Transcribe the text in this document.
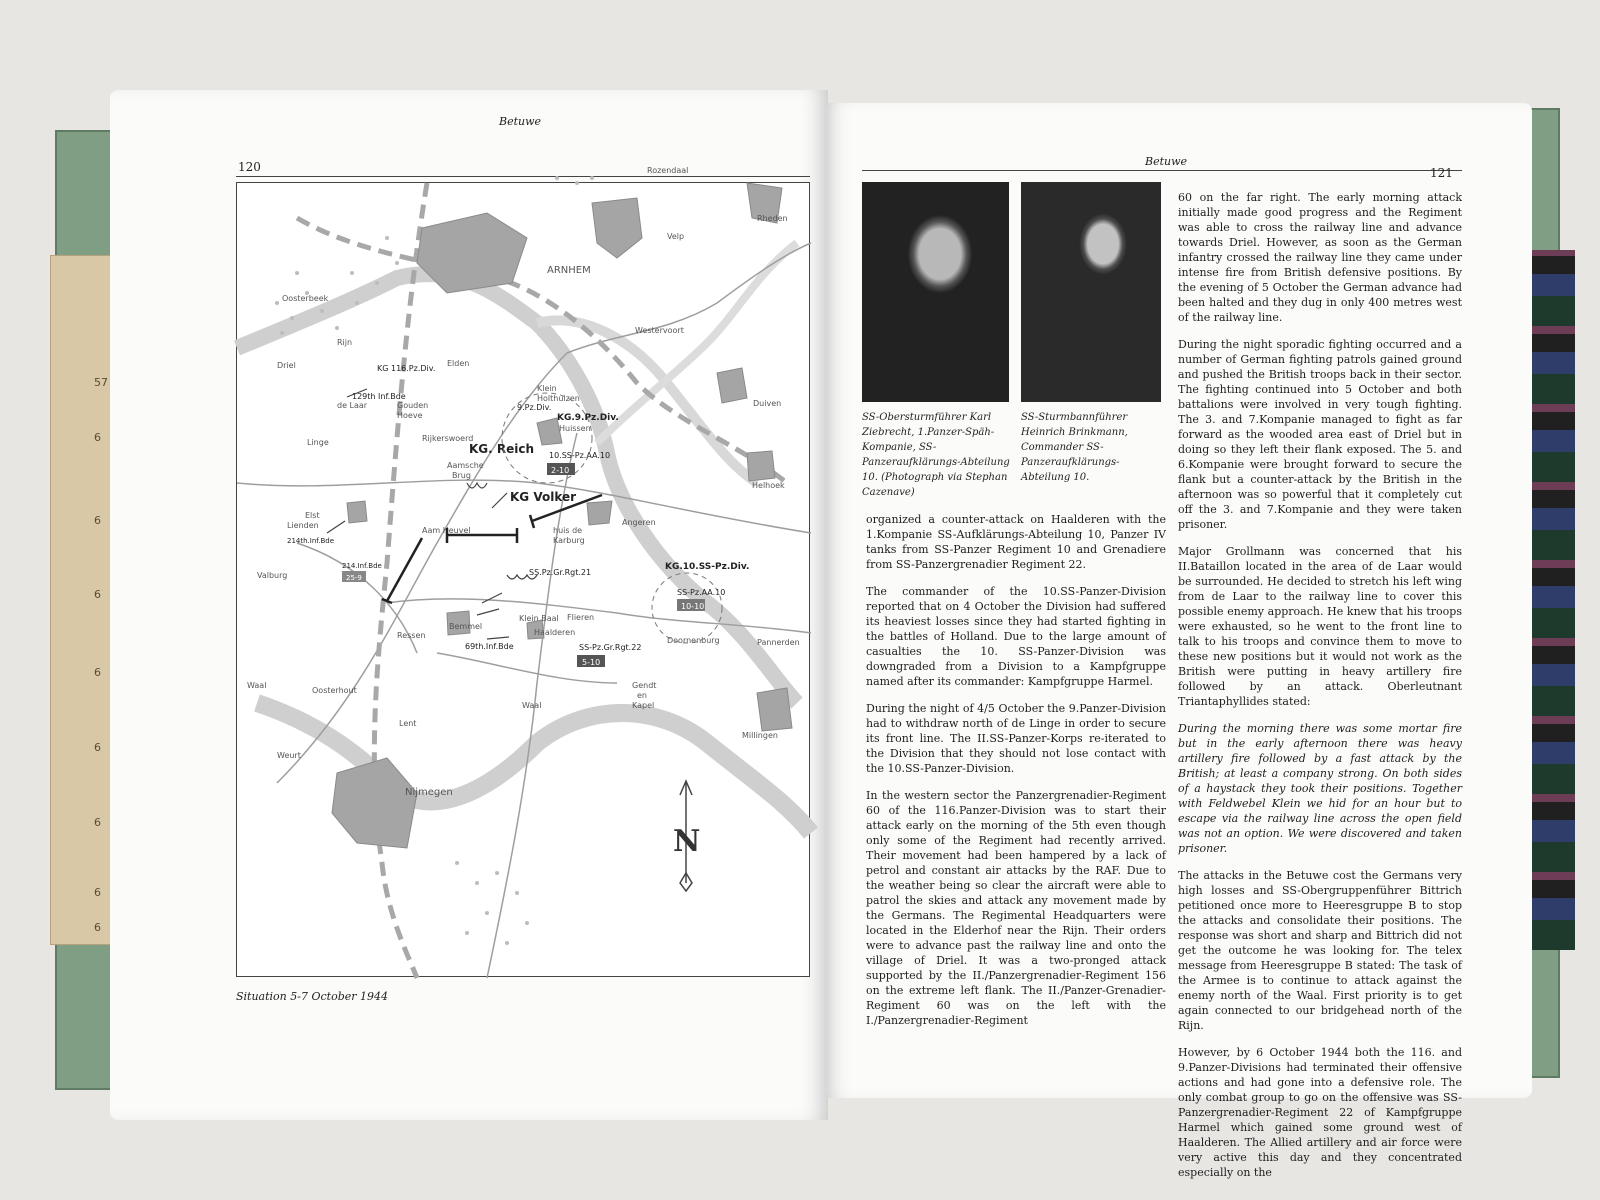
57
6
6
6
6
6
6
6
6
Betuwe
120
ARNHEM
Nijmegen
Velp
Rozendaal
Rheden
Westervoort
Duiven
Helhoek
Angeren
Pannerden
Doornenburg
Gendt
en
Kapel
Millingen
Elden
Klein
Holthuizen
Huissen
Rijkerswoerd
Aamsche
Brug
Aam Heuvel	huis de
Karburg
Flieren
Haalderen
Klein Baal
Bemmel
Ressen
Lent
Oosterhout
Weurt
Valburg
Elst
Lienden
Oosterbeek
Driel
Rijn
Linge
Waal
Waal
de Laar	Gouden
Hoeve
KG 116.Pz.Div.
129th Inf.Bde
9.Pz.Div.
KG.9.Pz.Div.
KG. Reich 10.SS-Pz.AA.10
2-10
KG Volker
KG.10.SS-Pz.Div.
SS-Pz.AA.10
10-10
SS.Pz.Gr.Rgt.21
SS-Pz.Gr.Rgt.22
5-10
69th.Inf.Bde
214th.Inf.Bde
214.Inf.Bde
25-9
N
Situation 5-7 October 1944
Betuwe
121

SS-Obersturmführer Karl Ziebrecht, 1.Panzer-Späh-Kompanie, SS-Panzeraufklärungs-Abteilung 10. (Photograph via Stephan Cazenave)

SS-Sturmbannführer Heinrich Brinkmann, Commander SS-Panzeraufklärungs-Abteilung 10.

organized a counter-attack on Haalderen with the 1.Kompanie SS-Aufklärungs-Abteilung 10, Panzer IV tanks from SS-Panzer Regiment 10 and Grenadiere from SS-Panzergrenadier Regiment 22.

The commander of the 10.SS-Panzer-Division reported that on 4 October the Division had suffered its heaviest losses since they had started fighting in the battles of Holland. Due to the large amount of casualties the 10. SS-Panzer-Division was downgraded from a Division to a Kampfgruppe named after its commander: Kampfgruppe Harmel.

During the night of 4/5 October the 9.Panzer-Division had to withdraw north of de Linge in order to secure its front line. The II.SS-Panzer-Korps re-iterated to the Division that they should not lose contact with the 10.SS-Panzer-Division.

In the western sector the Panzergrenadier-Regiment 60 of the 116.Panzer-Division was to start their attack early on the morning of the 5th even though only some of the Regiment had recently arrived. Their movement had been hampered by a lack of petrol and constant air attacks by the RAF. Due to the weather being so clear the aircraft were able to patrol the skies and attack any movement made by the Germans. The Regimental Headquarters were located in the Elderhof near the Rijn. Their orders were to advance past the railway line and onto the village of Driel. It was a two-pronged attack supported by the II./Panzergrenadier-Regiment 156 on the extreme left flank. The II./Panzer-Grenadier-Regiment 60 was on the left with the I./Panzergrenadier-Regiment

60 on the far right. The early morning attack initially made good progress and the Regiment was able to cross the railway line and advance towards Driel. However, as soon as the German infantry crossed the railway line they came under intense fire from British defensive positions. By the evening of 5 October the German advance had been halted and they dug in only 400 metres west of the railway line.

During the night sporadic fighting occurred and a number of German fighting patrols gained ground and pushed the British troops back in their sector. The fighting continued into 5 October and both battalions were involved in very tough fighting. The 3. and 7.Kompanie managed to fight as far forward as the wooded area east of Driel but in doing so they left their flank exposed. The 5. and 6.Kompanie were brought forward to secure the flank but a counter-attack by the British in the afternoon was so powerful that it completely cut off the 3. and 7.Kompanie and they were taken prisoner.

Major Grollmann was concerned that his II.Bataillon located in the area of de Laar would be surrounded. He decided to stretch his left wing from de Laar to the railway line to cover this possible enemy approach. He knew that his troops were exhausted, so he went to the front line to talk to his troops and convince them to move to these new positions but it would not work as the British were putting in heavy artillery fire followed by an attack. Oberleutnant Triantaphyllides stated:

During the morning there was some mortar fire but in the early afternoon there was heavy artillery fire followed by a fast attack by the British; at least a company strong. On both sides of a haystack they took their positions. Together with Feldwebel Klein we hid for an hour but to escape via the railway line across the open field was not an option. We were discovered and taken prisoner.

The attacks in the Betuwe cost the Germans very high losses and SS-Obergruppenführer Bittrich petitioned once more to Heeresgruppe B to stop the attacks and consolidate their positions. The response was short and sharp and Bittrich did not get the outcome he was looking for. The telex message from Heeresgruppe B stated: The task of the Armee is to continue to attack against the enemy north of the Waal. First priority is to get again connected to our bridgehead north of the Rijn.

However, by 6 October 1944 both the 116. and 9.Panzer-Divisions had terminated their offensive actions and had gone into a defensive role. The only combat group to go on the offensive was SS-Panzergrenadier-Regiment 22 of Kampfgruppe Harmel which gained some ground west of Haalderen. The Allied artillery and air force were very active this day and they concentrated especially on the
